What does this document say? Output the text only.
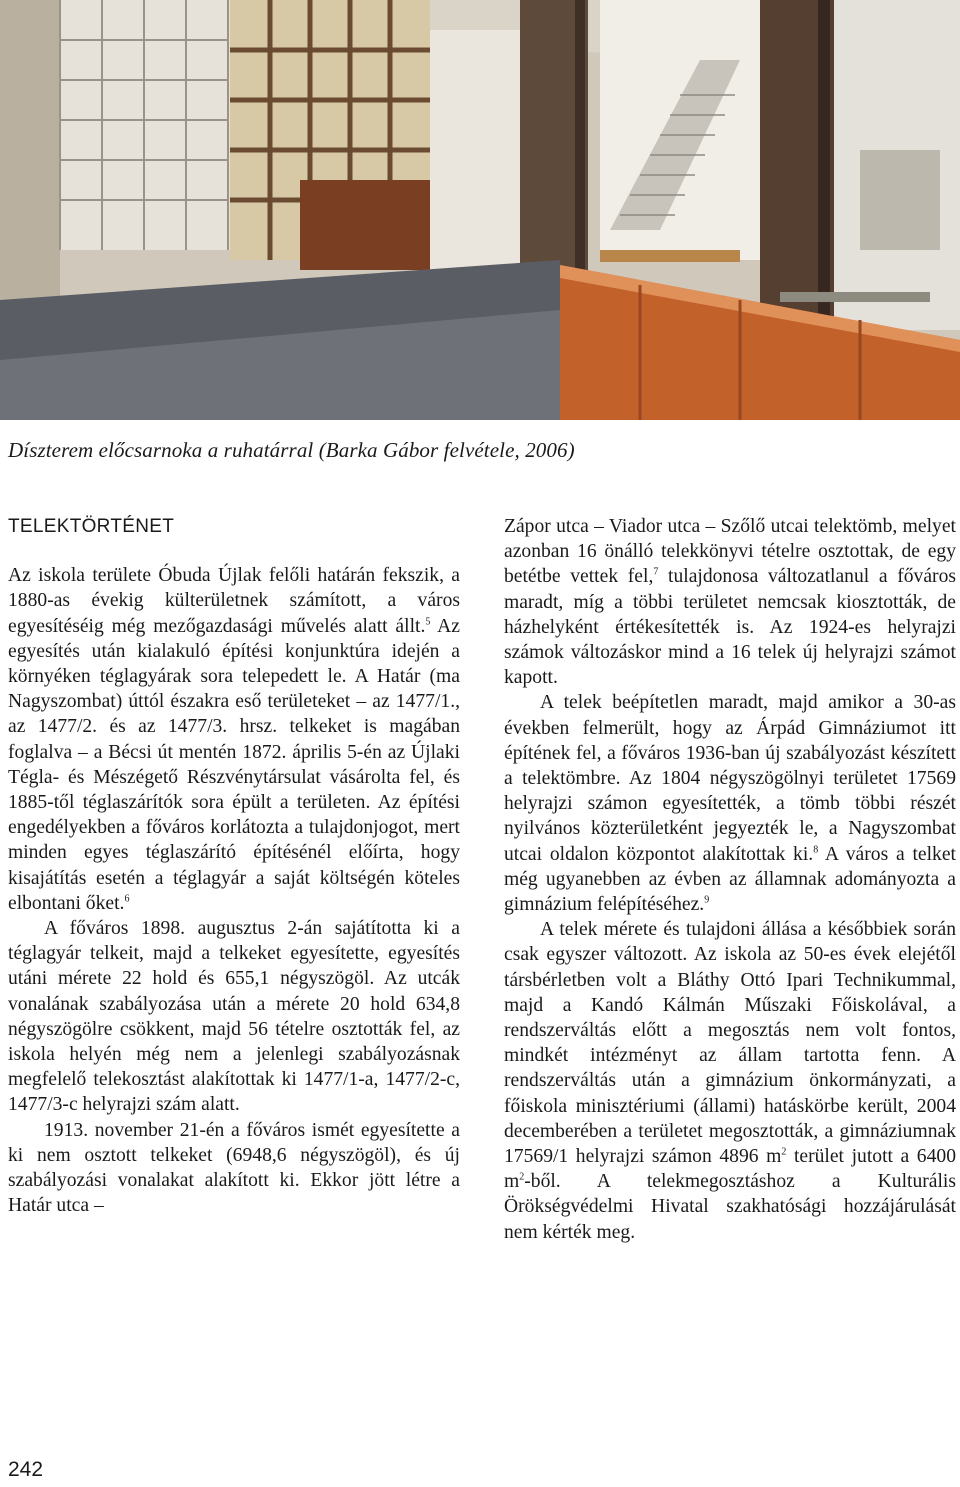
Díszterem előcsarnoka a ruhatárral (Barka Gábor felvétele, 2006)
TELEKTÖRTÉNET

Az iskola területe Óbuda Újlak felőli határán fekszik, a 1880-as évekig külterületnek számított, a város egyesítéséig még mezőgazdasági művelés alatt állt.$^5$ Az egyesítés után kialakuló építési konjunktúra idején a környéken téglagyárak sora telepedett le. A Határ (ma Nagyszombat) úttól északra eső területeket – az 1477/1., az 1477/2. és az 1477/3. hrsz. telkeket is magában foglalva – a Bécsi út mentén 1872. április 5-én az Újlaki Tégla- és Mészégető Részvénytársulat vásárolta fel, és 1885-től téglaszárítók sora épült a területen. Az építési engedélyekben a főváros korlátozta a tulajdonjogot, mert minden egyes téglaszárító építésénél előírta, hogy kisajátítás esetén a téglagyár a saját költségén köteles elbontani őket.$^6$

A főváros 1898. augusztus 2-án sajátította ki a téglagyár telkeit, majd a telkeket egyesítette, egyesítés utáni mérete 22 hold és 655,1 négyszögöl. Az utcák vonalának szabályozása után a mérete 20 hold 634,8 négyszögölre csökkent, majd 56 tételre osztották fel, az iskola helyén még nem a jelenlegi szabályozásnak megfelelő telekosztást alakítottak ki 1477/1-a, 1477/2-c, 1477/3-c helyrajzi szám alatt.

1913. november 21-én a főváros ismét egyesítette a ki nem osztott telkeket (6948,6 négyszögöl), és új szabályozási vonalakat alakított ki. Ekkor jött létre a Határ utca –

Zápor utca – Viador utca – Szőlő utcai telektömb, melyet azonban 16 önálló telekkönyvi tételre osztottak, de egy betétbe vettek fel,$^7$ tulajdonosa változatlanul a főváros maradt, míg a többi területet nemcsak kiosztották, de házhelyként értékesítették is. Az 1924-es helyrajzi számok változáskor mind a 16 telek új helyrajzi számot kapott.

A telek beépítetlen maradt, majd amikor a 30-as években felmerült, hogy az Árpád Gimnáziumot itt építének fel, a főváros 1936-ban új szabályozást készített a telektömbre. Az 1804 négyszögölnyi területet 17569 helyrajzi számon egyesítették, a tömb többi részét nyilvános közterületként jegyezték le, a Nagyszombat utcai oldalon központot alakítottak ki.$^8$ A város a telket még ugyanebben az évben az államnak adományozta a gimnázium felépítéséhez.$^9$

A telek mérete és tulajdoni állása a későbbiek során csak egyszer változott. Az iskola az 50-es évek elejétől társbérletben volt a Bláthy Ottó Ipari Technikummal, majd a Kandó Kálmán Műszaki Főiskolával, a rendszerváltás előtt a megosztás nem volt fontos, mindkét intézményt az állam tartotta fenn. A rendszerváltás után a gimnázium önkormányzati, a főiskola minisztériumi (állami) hatáskörbe került, 2004 decemberében a területet megosztották, a gimnáziumnak 17569/1 helyrajzi számon 4896 $m^2$ terület jutott a 6400 $m^2$-ből. A telekmegosztáshoz a Kulturális Örökségvédelmi Hivatal szakhatósági hozzájárulását nem kérték meg.

242
